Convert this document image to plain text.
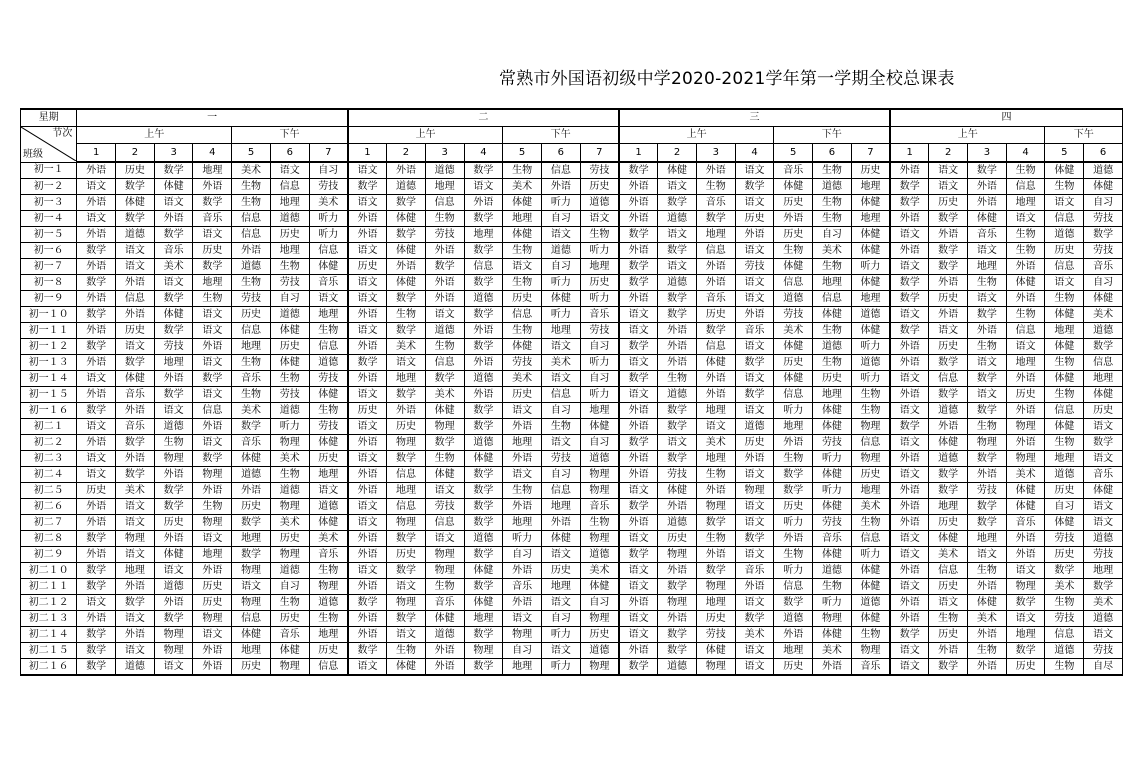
常熟市外国语初级中学2020-2021学年第一学期全校总课表
星期	一							二							三							四					

节次
班级	上午				下午			上午				下午			上午				下午			上午				下午	
	1	2	3	4	5	6	7	1	2	3	4	5	6	7	1	2	3	4	5	6	7	1	2	3	4	5	6
初一１	外语	历史	数学	地理	美术	语文	自习	语文	外语	道德	数学	生物	信息	劳技	数学	体健	外语	语文	音乐	生物	历史	外语	语文	数学	生物	体健	道德
初一２	语文	数学	体健	外语	生物	信息	劳技	数学	道德	地理	语文	美术	外语	历史	外语	语文	生物	数学	体健	道德	地理	数学	语文	外语	信息	生物	体健
初一３	外语	体健	语文	数学	生物	地理	美术	语文	数学	信息	外语	体健	听力	道德	外语	数学	音乐	语文	历史	生物	体健	数学	历史	外语	地理	语文	自习
初一４	语文	数学	外语	音乐	信息	道德	听力	外语	体健	生物	数学	地理	自习	语文	外语	道德	数学	历史	外语	生物	地理	外语	数学	体健	语文	信息	劳技
初一５	外语	道德	数学	语文	信息	历史	听力	外语	数学	劳技	地理	体健	语文	生物	数学	语文	地理	外语	历史	自习	体健	语文	外语	音乐	生物	道德	数学
初一６	数学	语文	音乐	历史	外语	地理	信息	语文	体健	外语	数学	生物	道德	听力	外语	数学	信息	语文	生物	美术	体健	外语	数学	语文	生物	历史	劳技
初一７	外语	语文	美术	数学	道德	生物	体健	历史	外语	数学	信息	语文	自习	地理	数学	语文	外语	劳技	体健	生物	听力	语文	数学	地理	外语	信息	音乐
初一８	数学	外语	语文	地理	生物	劳技	音乐	语文	体健	外语	数学	生物	听力	历史	数学	道德	外语	语文	信息	地理	体健	数学	外语	生物	体健	语文	自习
初一９	外语	信息	数学	生物	劳技	自习	语文	语文	数学	外语	道德	历史	体健	听力	外语	数学	音乐	语文	道德	信息	地理	数学	历史	语文	外语	生物	体健
初一１０	数学	外语	体健	语文	历史	道德	地理	外语	生物	语文	数学	信息	听力	音乐	语文	数学	历史	外语	劳技	体健	道德	语文	外语	数学	生物	体健	美术
初一１１	外语	历史	数学	语文	信息	体健	生物	语文	数学	道德	外语	生物	地理	劳技	语文	外语	数学	音乐	美术	生物	体健	数学	语文	外语	信息	地理	道德
初一１２	数学	语文	劳技	外语	地理	历史	信息	外语	美术	生物	数学	体健	语文	自习	数学	外语	信息	语文	体健	道德	听力	外语	历史	生物	语文	体健	数学
初一１３	外语	数学	地理	语文	生物	体健	道德	数学	语文	信息	外语	劳技	美术	听力	语文	外语	体健	数学	历史	生物	道德	外语	数学	语文	地理	生物	信息
初一１４	语文	体健	外语	数学	音乐	生物	劳技	外语	地理	数学	道德	美术	语文	自习	数学	生物	外语	语文	体健	历史	听力	语文	信息	数学	外语	体健	地理
初一１５	外语	音乐	数学	语文	生物	劳技	体健	语文	数学	美术	外语	历史	信息	听力	语文	道德	外语	数学	信息	地理	生物	外语	数学	语文	历史	生物	体健
初一１６	数学	外语	语文	信息	美术	道德	生物	历史	外语	体健	数学	语文	自习	地理	外语	数学	地理	语文	听力	体健	生物	语文	道德	数学	外语	信息	历史
初二１	语文	音乐	道德	外语	数学	听力	劳技	语文	历史	物理	数学	外语	生物	体健	外语	数学	语文	道德	地理	体健	物理	数学	外语	生物	物理	体健	语文
初二２	外语	数学	生物	语文	音乐	物理	体健	外语	物理	数学	道德	地理	语文	自习	数学	语文	美术	历史	外语	劳技	信息	语文	体健	物理	外语	生物	数学
初二３	语文	外语	物理	数学	体健	美术	历史	语文	数学	生物	体健	外语	劳技	道德	外语	数学	地理	外语	生物	听力	物理	外语	道德	数学	物理	地理	语文
初二４	语文	数学	外语	物理	道德	生物	地理	外语	信息	体健	数学	语文	自习	物理	外语	劳技	生物	语文	数学	体健	历史	语文	数学	外语	美术	道德	音乐
初二５	历史	美术	数学	外语	外语	道德	语文	外语	地理	语文	数学	生物	信息	物理	语文	体健	外语	物理	数学	听力	地理	外语	数学	劳技	体健	历史	体健
初二６	外语	语文	数学	生物	历史	物理	道德	语文	信息	劳技	数学	外语	地理	音乐	数学	外语	物理	语文	历史	体健	美术	外语	地理	数学	体健	自习	语文
初二７	外语	语文	历史	物理	数学	美术	体健	语文	物理	信息	数学	地理	外语	生物	外语	道德	数学	语文	听力	劳技	生物	外语	历史	数学	音乐	体健	语文
初二８	数学	物理	外语	语文	地理	历史	美术	外语	数学	语文	道德	听力	体健	物理	语文	历史	生物	数学	外语	音乐	信息	语文	体健	地理	外语	劳技	道德
初二９	外语	语文	体健	地理	数学	物理	音乐	外语	历史	物理	数学	自习	语文	道德	数学	物理	外语	语文	生物	体健	听力	语文	美术	语文	外语	历史	劳技
初二１０	数学	地理	语文	外语	物理	道德	生物	语文	数学	物理	体健	外语	历史	美术	语文	外语	数学	音乐	听力	道德	体健	外语	信息	生物	语文	数学	地理
初二１１	数学	外语	道德	历史	语文	自习	物理	外语	语文	生物	数学	音乐	地理	体健	语文	数学	物理	外语	信息	生物	体健	语文	历史	外语	物理	美术	数学
初二１２	语文	数学	外语	历史	物理	生物	道德	数学	物理	音乐	体健	外语	语文	自习	外语	物理	地理	语文	数学	听力	道德	外语	语文	体健	数学	生物	美术
初二１３	外语	语文	数学	物理	信息	历史	生物	外语	数学	体健	地理	语文	自习	物理	语文	外语	历史	数学	道德	物理	体健	外语	生物	美术	语文	劳技	道德
初二１４	数学	外语	物理	语文	体健	音乐	地理	外语	语文	道德	数学	物理	听力	历史	语文	数学	劳技	美术	外语	体健	生物	数学	历史	外语	地理	信息	语文
初二１５	数学	语文	物理	外语	地理	体健	历史	数学	生物	外语	物理	自习	语文	道德	外语	数学	体健	语文	地理	美术	物理	语文	外语	生物	数学	道德	劳技
初二１６	数学	道德	语文	外语	历史	物理	信息	语文	体健	外语	数学	地理	听力	物理	数学	道德	物理	语文	历史	外语	音乐	语文	数学	外语	历史	生物	自尽
